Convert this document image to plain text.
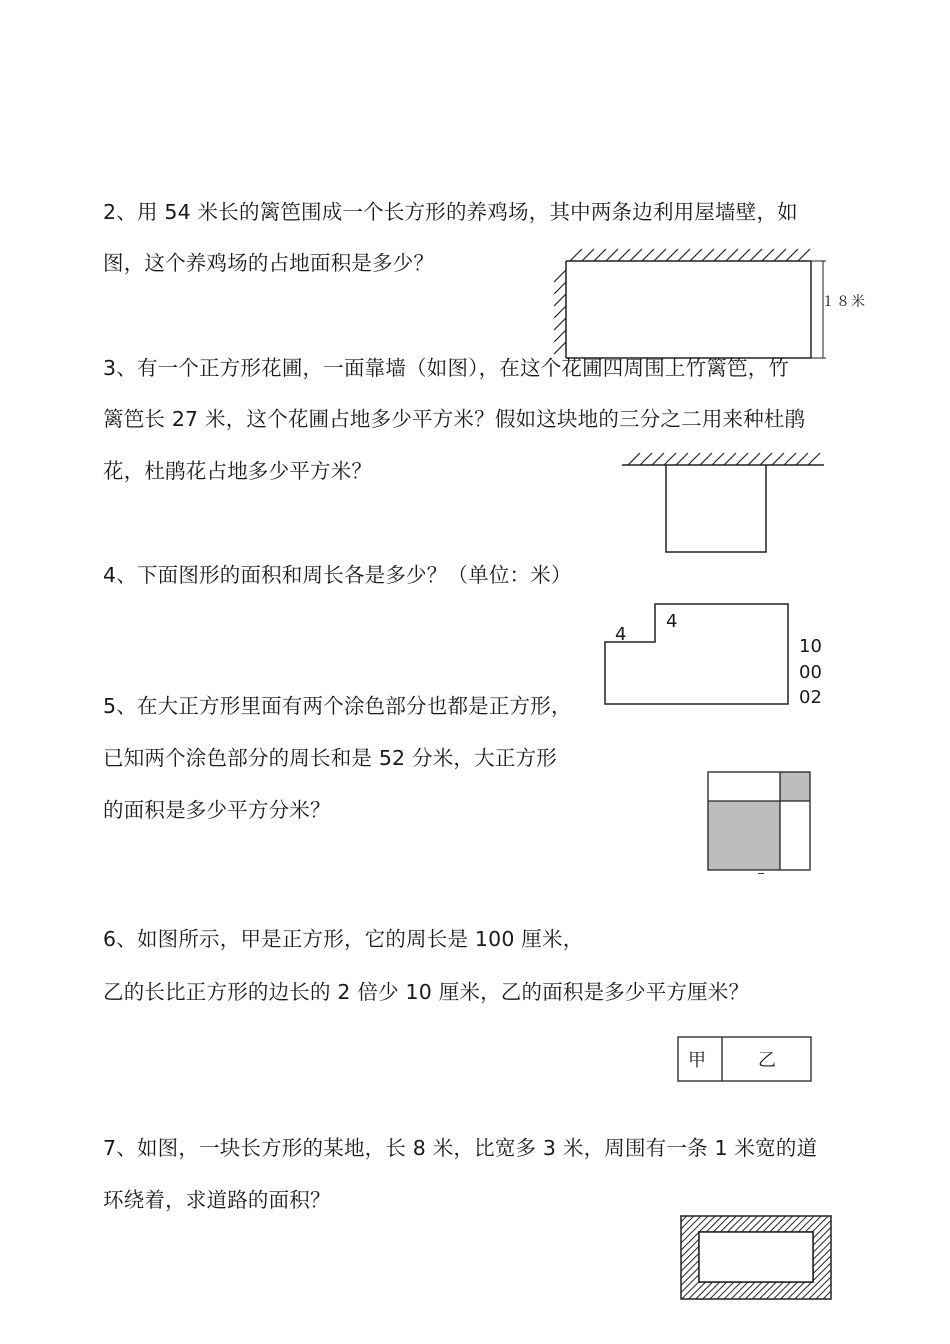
2、用 54 米长的篱笆围成一个长方形的养鸡场，其中两条边利用屋墙壁，如
图，这个养鸡场的占地面积是多少？
3、有一个正方形花圃，一面靠墙（如图），在这个花圃四周围上竹篱笆，竹
篱笆长 27 米，这个花圃占地多少平方米？假如这块地的三分之二用来种杜鹃
花，杜鹃花占地多少平方米？
4、下面图形的面积和周长各是多少？（单位：米）
5、在大正方形里面有两个涂色部分也都是正方形，
已知两个涂色部分的周长和是 52 分米，大正方形
的面积是多少平方分米？
6、如图所示，甲是正方形，它的周长是 100 厘米，
乙的长比正方形的边长的 2 倍少 10 厘米，乙的面积是多少平方厘米？
7、如图，一块长方形的某地，长 8 米，比宽多 3 米，周围有一条 1 米宽的道
环绕着，求道路的面积？
１８米
4
4
10
00
02
_
甲	乙
